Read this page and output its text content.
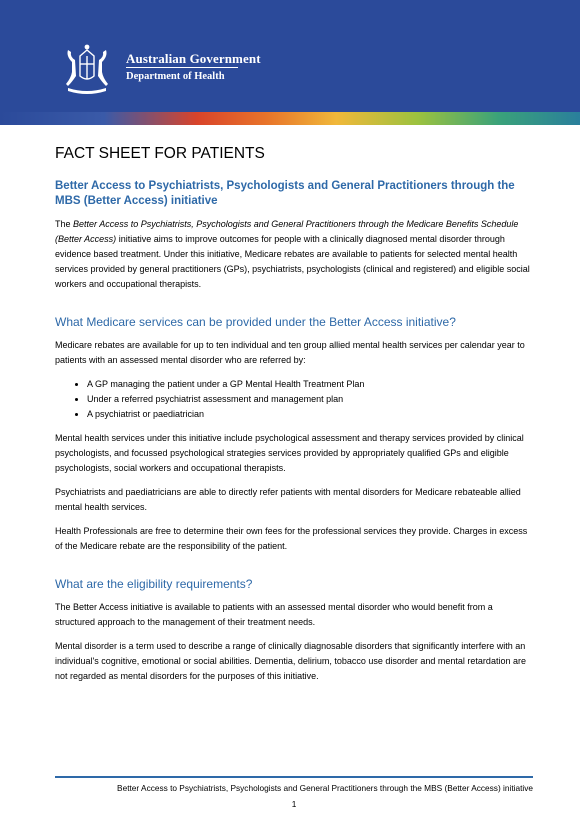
Australian Government
Department of Health
FACT SHEET FOR PATIENTS
Better Access to Psychiatrists, Psychologists and General Practitioners through the MBS (Better Access) initiative

The Better Access to Psychiatrists, Psychologists and General Practitioners through the Medicare Benefits Schedule (Better Access) initiative aims to improve outcomes for people with a clinically diagnosed mental disorder through evidence based treatment. Under this initiative, Medicare rebates are available to patients for selected mental health services provided by general practitioners (GPs), psychiatrists, psychologists (clinical and registered) and eligible social workers and occupational therapists.

What Medicare services can be provided under the Better Access initiative?

Medicare rebates are available for up to ten individual and ten group allied mental health services per calendar year to patients with an assessed mental disorder who are referred by:

• A GP managing the patient under a GP Mental Health Treatment Plan
• Under a referred psychiatrist assessment and management plan
• A psychiatrist or paediatrician

Mental health services under this initiative include psychological assessment and therapy services provided by clinical psychologists, and focussed psychological strategies services provided by appropriately qualified GPs and eligible psychologists, social workers and occupational therapists.

Psychiatrists and paediatricians are able to directly refer patients with mental disorders for Medicare rebateable allied mental health services.

Health Professionals are free to determine their own fees for the professional services they provide. Charges in excess of the Medicare rebate are the responsibility of the patient.

What are the eligibility requirements?

The Better Access initiative is available to patients with an assessed mental disorder who would benefit from a structured approach to the management of their treatment needs.

Mental disorder is a term used to describe a range of clinically diagnosable disorders that significantly interfere with an individual's cognitive, emotional or social abilities. Dementia, delirium, tobacco use disorder and mental retardation are not regarded as mental disorders for the purposes of this initiative.

Better Access to Psychiatrists, Psychologists and General Practitioners through the MBS (Better Access) initiative
1
